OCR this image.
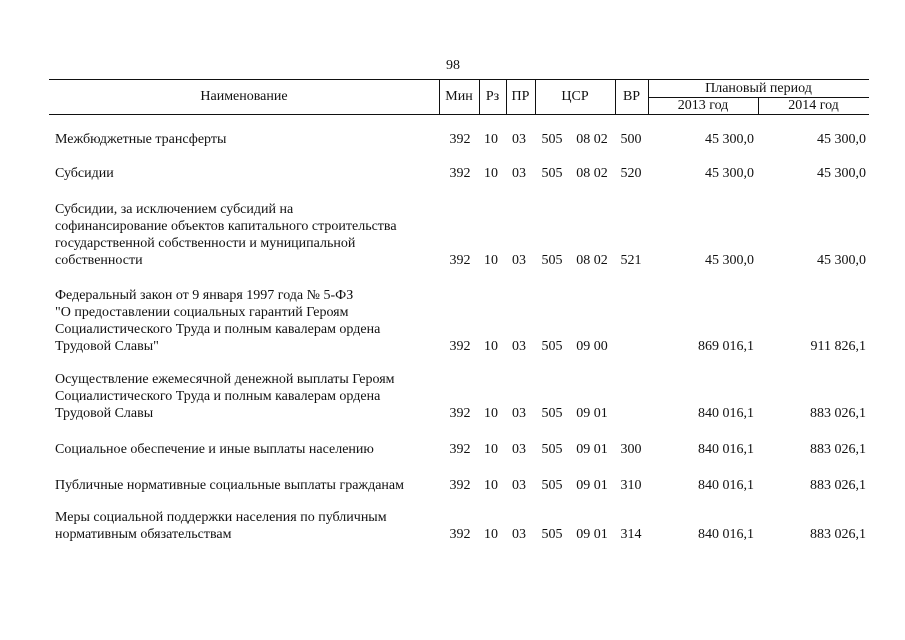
98
Наименование	Мин Рз ПР	ЦСР	ВР
Плановый период
2013 год	2014 год
Межбюджетные трансферты	392 10	03	505 08 02 500	45 300,0	45 300,0
Субсидии	392 10	03	505 08 02 520	45 300,0	45 300,0
Субсидии, за исключением субсидий на
софинансирование объектов капитального строительства
государственной собственности и муниципальной
собственности	392 10	03	505 08 02 521	45 300,0	45 300,0
Федеральный закон от 9 января 1997 года № 5-ФЗ
"О предоставлении социальных гарантий Героям
Социалистического Труда и полным кавалерам ордена
Трудовой Славы"	392 10	03	505 09 00	869 016,1	911 826,1
Осуществление ежемесячной денежной выплаты Героям
Социалистического Труда и полным кавалерам ордена
Трудовой Славы	392 10	03	505 09 01	840 016,1	883 026,1
Социальное обеспечение и иные выплаты населению	392 10	03	505 09 01 300	840 016,1	883 026,1
Публичные нормативные социальные выплаты гражданам	392 10	03	505 09 01 310	840 016,1	883 026,1
Меры социальной поддержки населения по публичным
нормативным обязательствам	392 10	03	505 09 01 314	840 016,1	883 026,1
